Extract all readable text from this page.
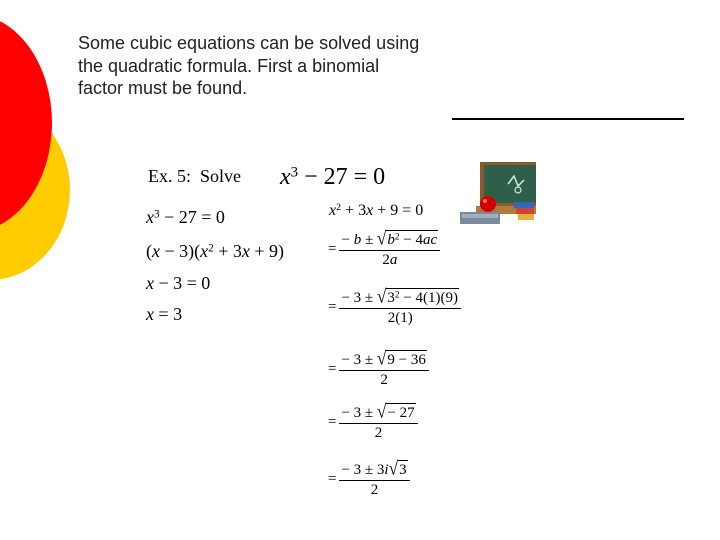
Some cubic equations can be solved using
the quadratic formula. First a binomial
factor must be found.
Ex. 5:  Solve $x^3 - 27 = 0$
$x^3 - 27 = 0$
$(x - 3)(x^2 + 3x + 9)$
x − 3 = 0
x = 3
$x^2 + 3x + 9 = 0$
= $\frac{- b \pm √ b^2 - 4ac}{2a}$
= $\frac{- 3 \pm √ 3^2 - 4(1)(9)}{2(1)}$
= $\frac{- 3 \pm √ 9 - 36}{2}$
= $\frac{- 3 \pm √ - 27}{2}$
= $\frac{- 3 \pm 3i √ 3}{2}$
